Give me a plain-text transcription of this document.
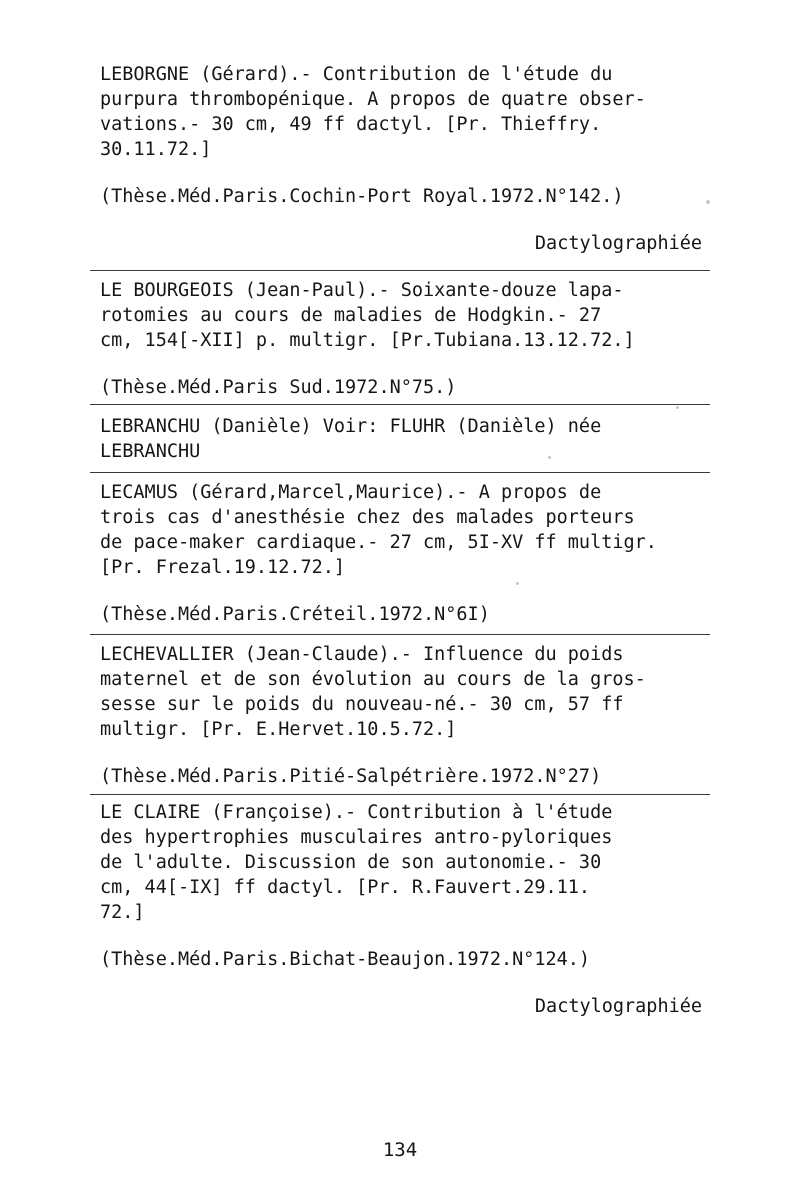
LEBORGNE (Gérard).- Contribution de l'étude du
purpura thrombopénique. A propos de quatre obser-
vations.- 30 cm, 49 ff dactyl. [Pr. Thieffry.
30.11.72.]
(Thèse.Méd.Paris.Cochin-Port Royal.1972.N°142.)
Dactylographiée
LE BOURGEOIS (Jean-Paul).- Soixante-douze lapa-
rotomies au cours de maladies de Hodgkin.- 27
cm, 154[-XII] p. multigr. [Pr.Tubiana.13.12.72.]
(Thèse.Méd.Paris Sud.1972.N°75.)
LEBRANCHU (Danièle) Voir: FLUHR (Danièle) née
LEBRANCHU
LECAMUS (Gérard,Marcel,Maurice).- A propos de
trois cas d'anesthésie chez des malades porteurs
de pace-maker cardiaque.- 27 cm, 5I-XV ff multigr.
[Pr. Frezal.19.12.72.]
(Thèse.Méd.Paris.Créteil.1972.N°6I)
LECHEVALLIER (Jean-Claude).- Influence du poids
maternel et de son évolution au cours de la gros-
sesse sur le poids du nouveau-né.- 30 cm, 57 ff
multigr. [Pr. E.Hervet.10.5.72.]
(Thèse.Méd.Paris.Pitié-Salpétrière.1972.N°27)
LE CLAIRE (Françoise).- Contribution à l'étude
des hypertrophies musculaires antro-pyloriques
de l'adulte. Discussion de son autonomie.- 30
cm, 44[-IX] ff dactyl. [Pr. R.Fauvert.29.11.
72.]
(Thèse.Méd.Paris.Bichat-Beaujon.1972.N°124.)
Dactylographiée
134
